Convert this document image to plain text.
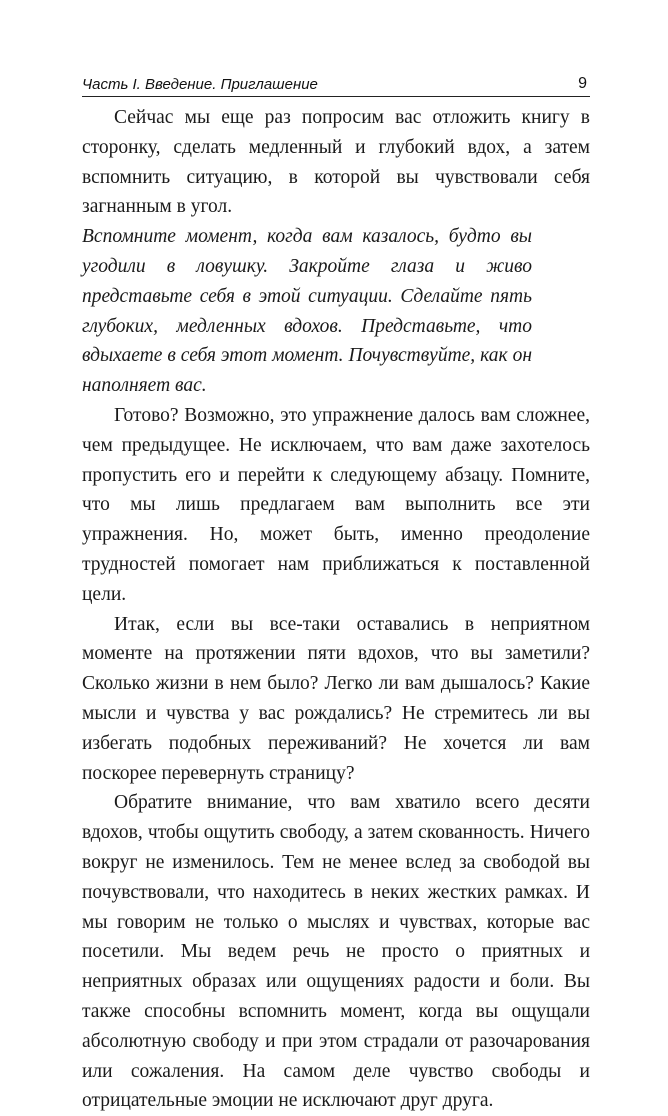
Часть I. Введение. Приглашение	9

Сейчас мы еще раз попросим вас отложить книгу в сторонку, сделать медленный и глубокий вдох, а затем вспомнить ситуацию, в которой вы чувствовали себя загнанным в угол.

Вспомните момент, когда вам казалось, будто вы угодили в ловушку. Закройте глаза и живо представьте себя в этой ситуации. Сделайте пять глубоких, медленных вдохов. Представьте, что вдыхаете в себя этот момент. Почувствуйте, как он наполняет вас.

Готово? Возможно, это упражнение далось вам сложнее, чем предыдущее. Не исключаем, что вам даже захотелось пропустить его и перейти к следующему абзацу. Помните, что мы лишь предлагаем вам выполнить все эти упражнения. Но, может быть, именно преодоление трудностей помогает нам приближаться к поставленной цели.

Итак, если вы все-таки оставались в неприятном моменте на протяжении пяти вдохов, что вы заметили? Сколько жизни в нем было? Легко ли вам дышалось? Какие мысли и чувства у вас рождались? Не стремитесь ли вы избегать подобных переживаний? Не хочется ли вам поскорее перевернуть страницу?

Обратите внимание, что вам хватило всего десяти вдохов, чтобы ощутить свободу, а затем скованность. Ничего вокруг не изменилось. Тем не менее вслед за свободой вы почувствовали, что находитесь в неких жестких рамках. И мы говорим не только о мыслях и чувствах, которые вас посетили. Мы ведем речь не просто о приятных и неприятных образах или ощущениях радости и боли. Вы также способны вспомнить момент, когда вы ощущали абсолютную свободу и при этом страдали от разочарования или сожаления. На самом деле чувство свободы и отрицательные эмоции не исключают друг друга.
